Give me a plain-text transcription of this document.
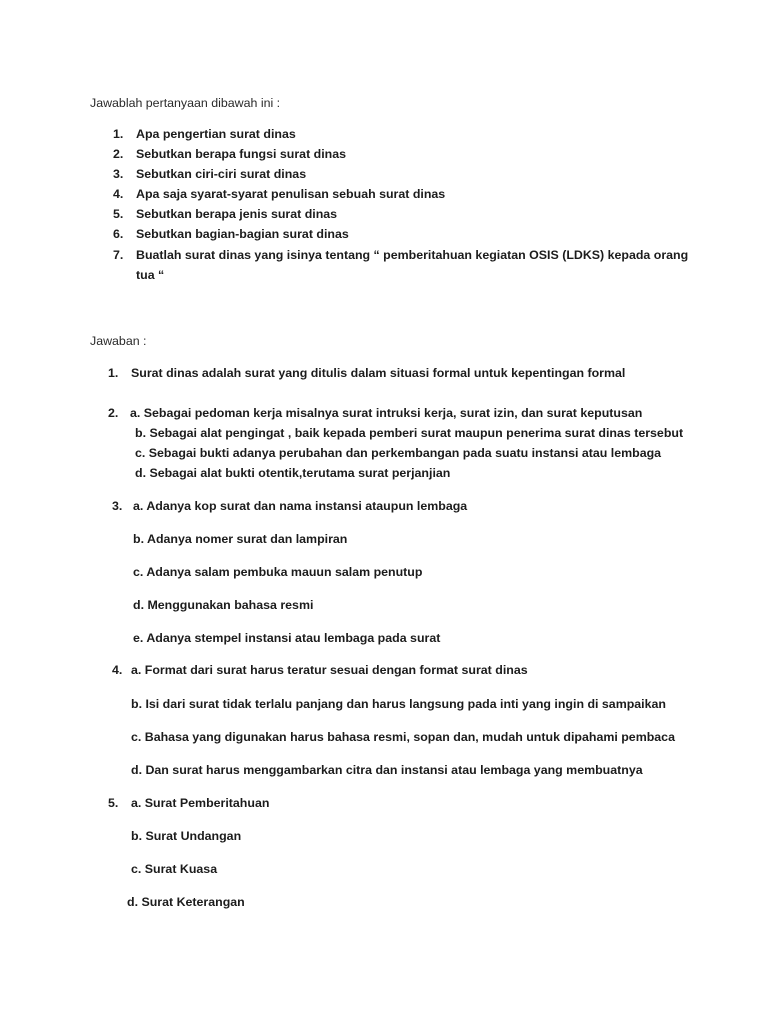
Jawablah pertanyaan dibawah ini :
1. Apa pengertian surat dinas
2. Sebutkan berapa fungsi surat dinas
3. Sebutkan ciri-ciri surat dinas
4. Apa saja syarat-syarat penulisan sebuah surat dinas
5. Sebutkan berapa jenis surat dinas
6. Sebutkan bagian-bagian surat dinas
7. Buatlah surat dinas yang isinya tentang “ pemberitahuan kegiatan OSIS (LDKS) kepada orang
tua “
Jawaban :
1. Surat dinas adalah surat yang ditulis dalam situasi formal untuk kepentingan formal
2. a. Sebagai pedoman kerja misalnya surat intruksi kerja, surat izin, dan surat keputusan
b. Sebagai alat pengingat , baik kepada pemberi surat maupun penerima surat dinas tersebut
c. Sebagai bukti adanya perubahan dan perkembangan pada suatu instansi atau lembaga
d. Sebagai alat bukti otentik,terutama surat perjanjian
3. a. Adanya kop surat dan nama instansi ataupun lembaga
b. Adanya nomer surat dan lampiran
c. Adanya salam pembuka mauun salam penutup
d. Menggunakan bahasa resmi
e. Adanya stempel instansi atau lembaga pada surat
4. a. Format dari surat harus teratur sesuai dengan format surat dinas
b. Isi dari surat tidak terlalu panjang dan harus langsung pada inti yang ingin di sampaikan
c. Bahasa yang digunakan harus bahasa resmi, sopan dan, mudah untuk dipahami pembaca
d. Dan surat harus menggambarkan citra dan instansi atau lembaga yang membuatnya
5. a. Surat Pemberitahuan
b. Surat Undangan
c. Surat Kuasa
d. Surat Keterangan
